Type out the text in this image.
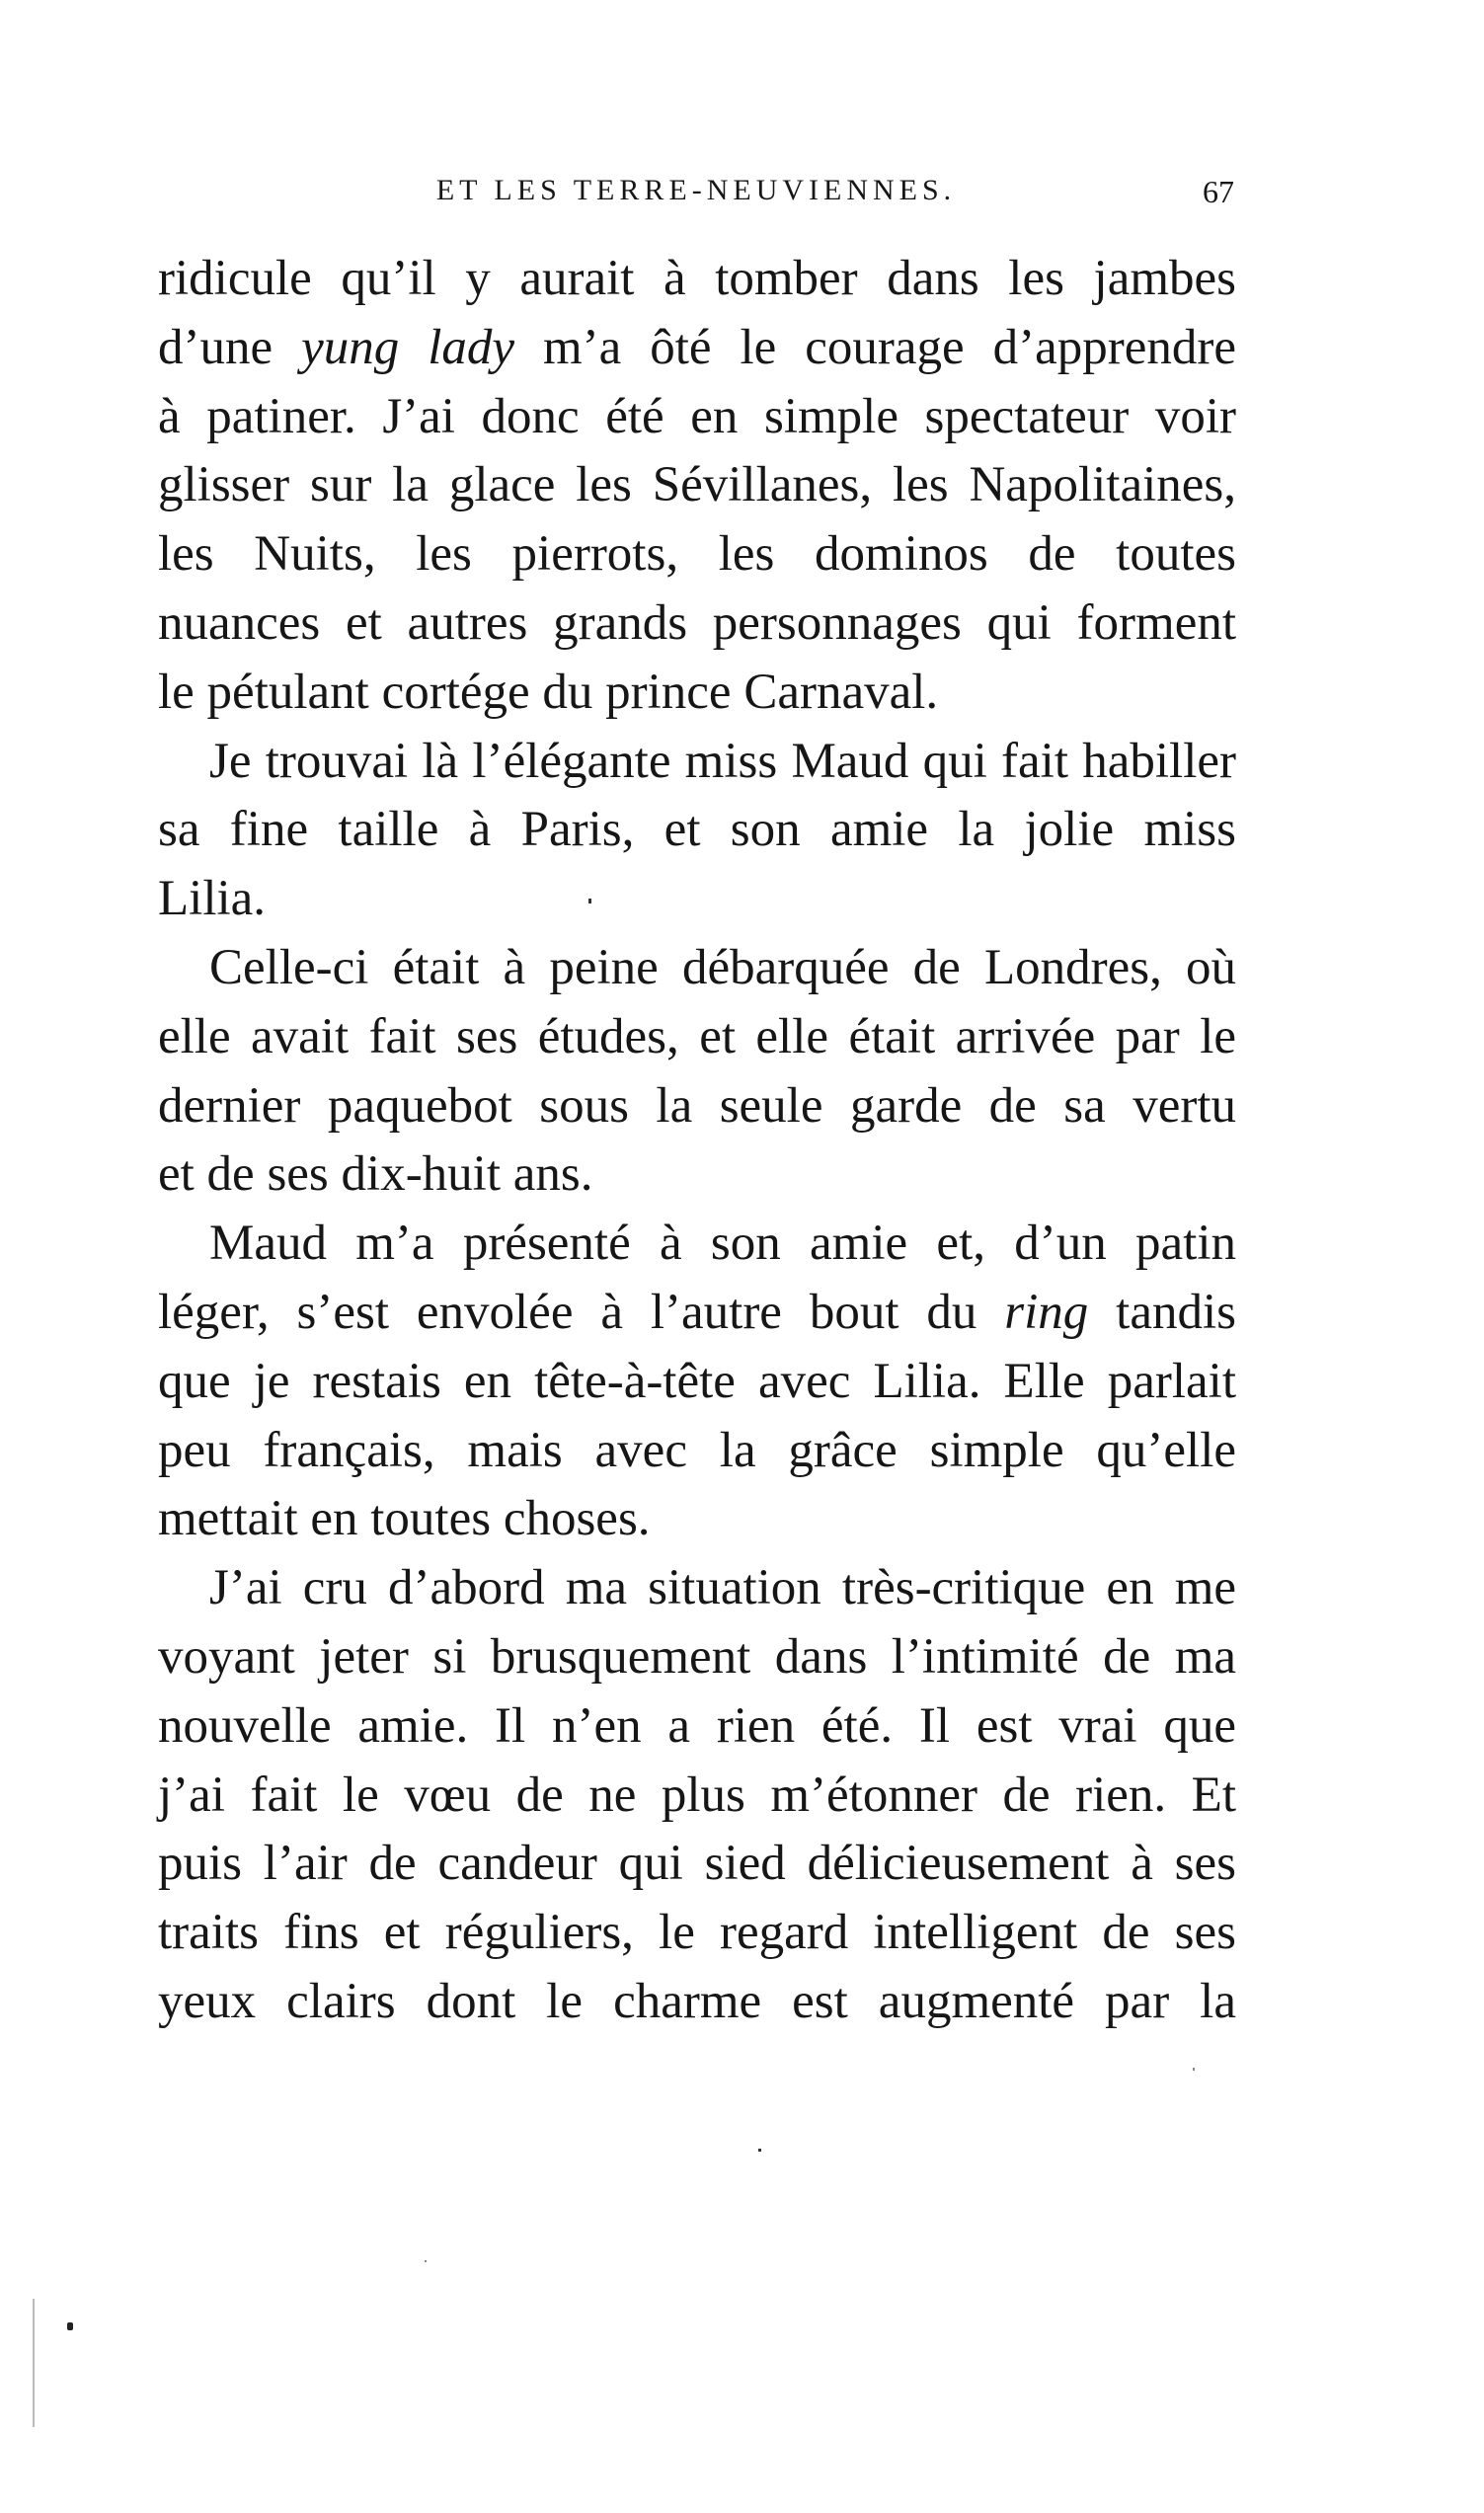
ET LES TERRE-NEUVIENNES.	67
ridicule qu’il y aurait à tomber dans les jambes
d’une yung lady m’a ôté le courage d’apprendre
à patiner. J’ai donc été en simple spectateur voir
glisser sur la glace les Sévillanes, les Napolitaines,
les Nuits, les pierrots, les dominos de toutes
nuances et autres grands personnages qui forment
le pétulant cortége du prince Carnaval.
Je trouvai là l’élégante miss Maud qui fait habiller
sa fine taille à Paris, et son amie la jolie miss
Lilia.
Celle-ci était à peine débarquée de Londres, où
elle avait fait ses études, et elle était arrivée par le
dernier paquebot sous la seule garde de sa vertu
et de ses dix-huit ans.
Maud m’a présenté à son amie et, d’un patin
léger, s’est envolée à l’autre bout du ring tandis
que je restais en tête-à-tête avec Lilia. Elle parlait
peu français, mais avec la grâce simple qu’elle
mettait en toutes choses.
J’ai cru d’abord ma situation très-critique en me
voyant jeter si brusquement dans l’intimité de ma
nouvelle amie. Il n’en a rien été. Il est vrai que
j’ai fait le vœu de ne plus m’étonner de rien. Et
puis l’air de candeur qui sied délicieusement à ses
traits fins et réguliers, le regard intelligent de ses
yeux clairs dont le charme est augmenté par la
